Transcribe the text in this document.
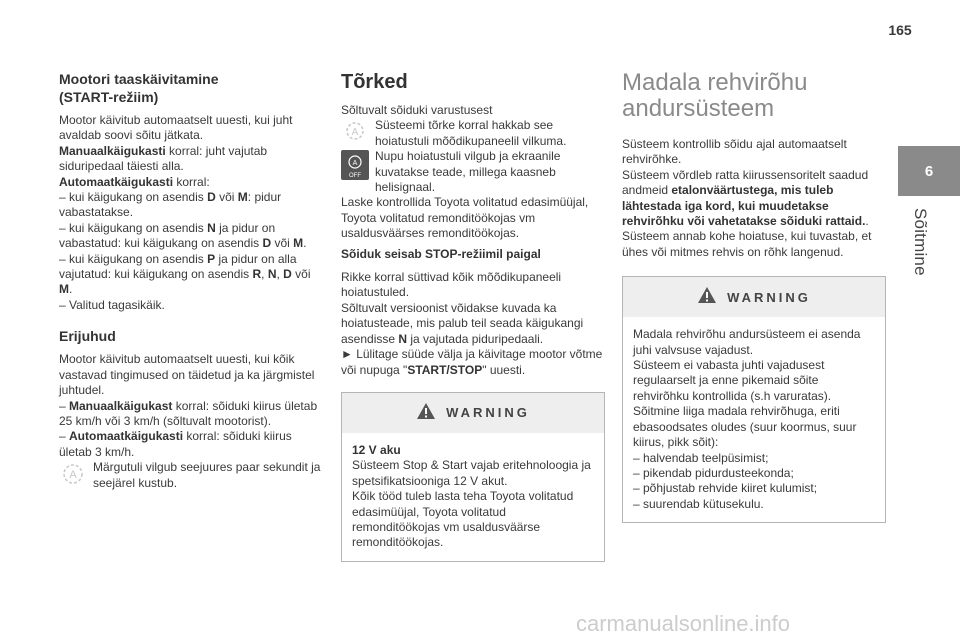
165
6
Sõitmine
Mootori taaskäivitamine
(START-režiim)

Mootor käivitub automaatselt uuesti, kui juht avaldab soovi sõitu jätkata.

Manuaalkäigukasti korral: juht vajutab siduripedaal täiesti alla.

Automaatkäigukasti korral:

– kui käigukang on asendis D või M: pidur vabastatakse.

– kui käigukang on asendis N ja pidur on vabastatud: kui käigukang on asendis D või M.

– kui käigukang on asendis P ja pidur on alla vajutatud: kui käigukang on asendis R, N, D või M.

– Valitud tagasikäik.

Erijuhud

Mootor käivitub automaatselt uuesti, kui kõik vastavad tingimused on täidetud ja ka järgmistel juhtudel.

– Manuaalkäigukast korral: sõiduki kiirus ületab 25 km/h või 3 km/h (sõltuvalt mootorist).

– Automaatkäigukasti korral: sõiduki kiirus ületab 3 km/h.

A

Märgutuli vilgub seejuures paar sekundit ja seejärel kustub.

Tõrked

Sõltuvalt sõiduki varustusest

A

Süsteemi tõrke korral hakkab see hoiatustuli mõõdikupaneelil vilkuma.

A
OFF

Nupu hoiatustuli vilgub ja ekraanile kuvatakse teade, millega kaasneb helisignaal.

Laske kontrollida Toyota volitatud edasimüüjal, Toyota volitatud remonditöökojas vm usaldusväärses remonditöökojas.

Sõiduk seisab STOP-režiimil paigal

Rikke korral süttivad kõik mõõdikupaneeli hoiatustuled.

Sõltuvalt versioonist võidakse kuvada ka hoiatusteade, mis palub teil seada käigukangi asendisse N ja vajutada piduripedaali.

► Lülitage süüde välja ja käivitage mootor võtme või nupuga "START/STOP" uuesti.

WARNING

12 V aku

Süsteem Stop & Start vajab eritehnoloogia ja spetsifikatsiooniga 12 V akut.
Kõik tööd tuleb lasta teha Toyota volitatud edasimüüjal, Toyota volitatud remonditöökojas vm usaldusväärse remonditöökojas.

Madala rehvirõhu andursüsteem

Süsteem kontrollib sõidu ajal automaatselt rehvirõhke.

Süsteem võrdleb ratta kiirussensoritelt saadud andmeid etalonväärtustega, mis tuleb lähtestada iga kord, kui muudetakse rehvirõhku või vahetatakse sõiduki rattaid..

Süsteem annab kohe hoiatuse, kui tuvastab, et ühes või mitmes rehvis on rõhk langenud.

WARNING

Madala rehvirõhu andursüsteem ei asenda juhi valvsuse vajadust.

Süsteem ei vabasta juhti vajadusest regulaarselt ja enne pikemaid sõite rehvirõhku kontrollida (s.h varuratas).

Sõitmine liiga madala rehvirõhuga, eriti ebasoodsates oludes (suur koormus, suur kiirus, pikk sõit):

– halvendab teelpüsimist;

– pikendab pidurdusteekonda;

– põhjustab rehvide kiiret kulumist;

– suurendab kütusekulu.

carmanualsonline.info
